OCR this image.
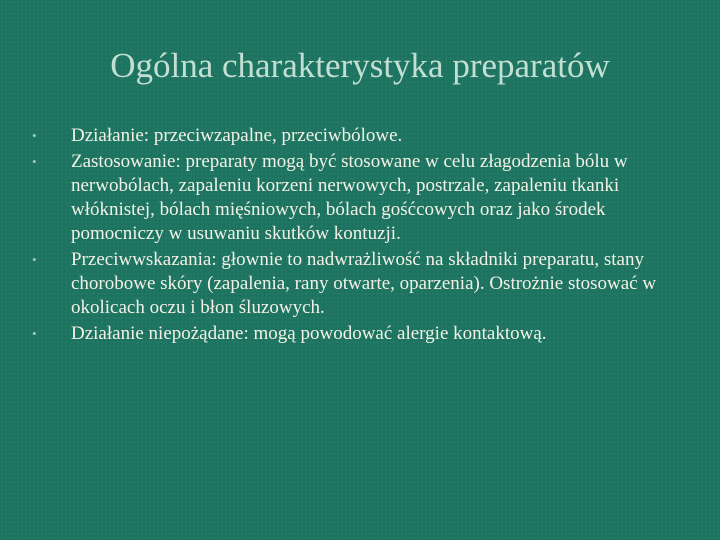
Ogólna charakterystyka preparatów
• Działanie: przeciwzapalne, przeciwbólowe.
• Zastosowanie: preparaty mogą być stosowane w celu złagodzenia bólu w nerwobólach, zapaleniu korzeni nerwowych, postrzale, zapaleniu tkanki włóknistej, bólach mięśniowych, bólach gośćcowych oraz jako środek pomocniczy w usuwaniu skutków kontuzji.
• Przeciwwskazania: głownie to nadwrażliwość na składniki preparatu, stany chorobowe skóry (zapalenia, rany otwarte, oparzenia). Ostrożnie stosować w okolicach oczu i błon śluzowych.
• Działanie niepożądane: mogą powodować alergie kontaktową.
